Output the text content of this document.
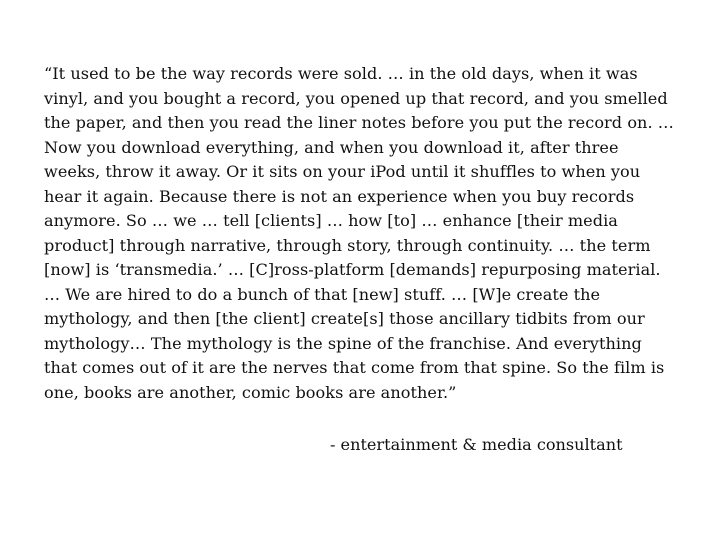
“It used to be the way records were sold. … in the old days, when it was
vinyl, and you bought a record, you opened up that record, and you smelled
the paper, and then you read the liner notes before you put the record on. …
Now you download everything, and when you download it, after three
weeks, throw it away. Or it sits on your iPod until it shuffles to when you
hear it again. Because there is not an experience when you buy records
anymore. So … we … tell [clients] … how [to] … enhance [their media
product] through narrative, through story, through continuity. … the term
[now] is ‘transmedia.’ … [C]ross-platform [demands] repurposing material.
… We are hired to do a bunch of that [new] stuff. … [W]e create the
mythology, and then [the client] create[s] those ancillary tidbits from our
mythology… The mythology is the spine of the franchise. And everything
that comes out of it are the nerves that come from that spine. So the film is
one, books are another, comic books are another.”

- entertainment & media consultant
